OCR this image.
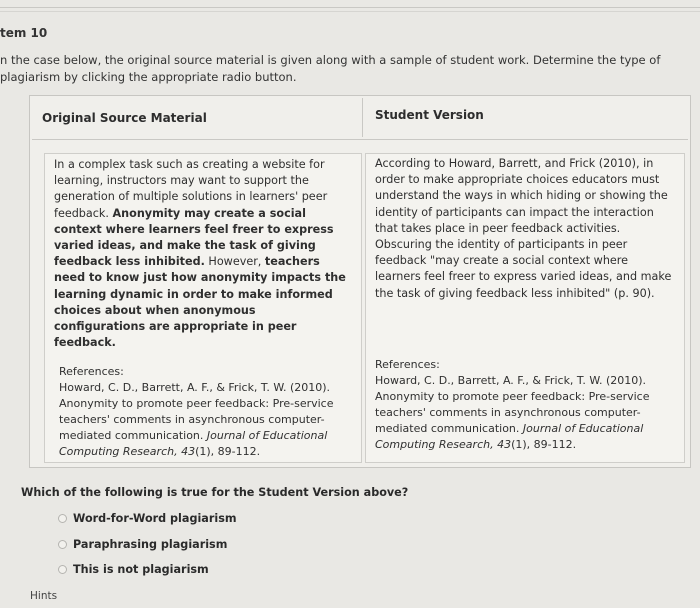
tem 10
n the case below, the original source material is given along with a sample of student work. Determine the type of plagiarism by clicking the appropriate radio button.
Original Source Material	Student Version
In a complex task such as creating a website for learning, instructors may want to support the generation of multiple solutions in learners' peer feedback. Anonymity may create a social context where learners feel freer to express varied ideas, and make the task of giving feedback less inhibited. However, teachers need to know just how anonymity impacts the learning dynamic in order to make informed choices about when anonymous configurations are appropriate in peer feedback.
References:
Howard, C. D., Barrett, A. F., & Frick, T. W. (2010). Anonymity to promote peer feedback: Pre-service teachers' comments in asynchronous computer-mediated communication. Journal of Educational Computing Research, 43(1), 89-112.
According to Howard, Barrett, and Frick (2010), in order to make appropriate choices educators must understand the ways in which hiding or showing the identity of participants can impact the interaction that takes place in peer feedback activities. Obscuring the identity of participants in peer feedback "may create a social context where learners feel freer to express varied ideas, and make the task of giving feedback less inhibited" (p. 90).
References:
Howard, C. D., Barrett, A. F., & Frick, T. W. (2010). Anonymity to promote peer feedback: Pre-service teachers' comments in asynchronous computer-mediated communication. Journal of Educational Computing Research, 43(1), 89-112.
Which of the following is true for the Student Version above?
Word-for-Word plagiarism
Paraphrasing plagiarism
This is not plagiarism
Hints
